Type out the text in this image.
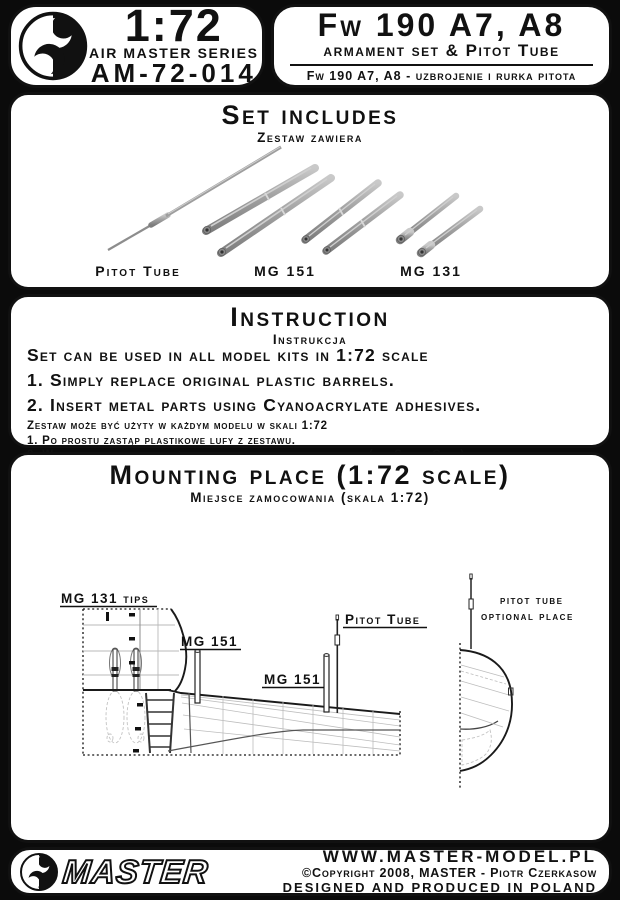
1:72
AIR MASTER SERIES
AM-72-014
Fw 190 A7, A8
armament set & Pitot Tube
Fw 190 A7, A8 - uzbrojenie i rurka pitota
Set includes
Zestaw zawiera
Pitot Tube	MG 151	MG 131
Instruction
Instrukcja
Set can be used in all model kits in 1:72 scale
1. Simply replace original plastic barrels.
2. Insert metal parts using Cyanoacrylate adhesives.
Zestaw może być użyty w każdym modelu w skali 1:72
1. Po prostu zastąp plastikowe lufy z zestawu.
Mounting place (1:72 scale)
Miejsce zamocowania (skala 1:72)
MG 131 tips
MG 151
MG 151
Pitot Tube
pitot tube
optional place
MASTER	WWW.MASTER-MODEL.PL
©Copyright 2008, MASTER - Piotr Czerkasow
DESIGNED AND PRODUCED IN POLAND
